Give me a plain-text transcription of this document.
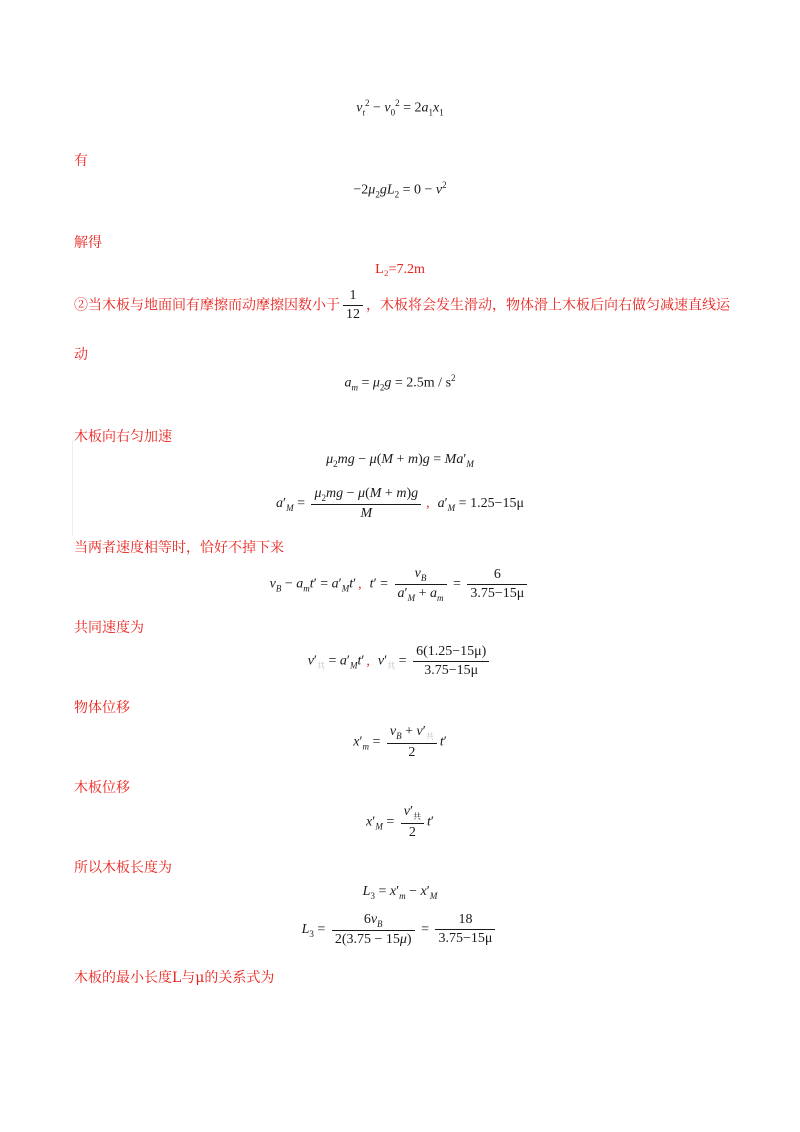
$v_t^2 - v_0^2 = 2a_1x_1$
有
$-2\mu_2gL_2 = 0 - v^2$
解得
L₂=7.2m
②当木板与地面间有摩擦而动摩擦因数小于 $\frac{1}{12}$ ，木板将会发生滑动，物体滑上木板后向右做匀减速直线运
动
$a_m = \mu_2g = 2.5m / s^2$
木板向右匀加速
$\mu_2mg - \mu(M + m)g = Ma'_M$
$a'_M = \frac{\mu_2mg - \mu(M + m)g}{M}$ , $a'_M = 1.25-15\mu$
当两者速度相等时，恰好不掉下来
$v_B - a_mt' = a'_Mt'$ , $t' = \frac{v_B}{a'_M + a_m} = \frac{6}{3.75-15\mu}$
共同速度为
$v'_共 = a'_Mt'$ , $v'_共 = \frac{6(1.25-15\mu)}{3.75-15\mu}$
物体位移
$x'_m = \frac{v_B + v'_共}{2} t'$
木板位移
$x'_M = \frac{v'_共}{2} t'$
所以木板长度为
$L_3 = x'_m - x'_M$
$L_3 = \frac{6v_B}{2(3.75 - 15\mu)} = \frac{18}{3.75-15\mu}$
木板的最小长度L与μ的关系式为
